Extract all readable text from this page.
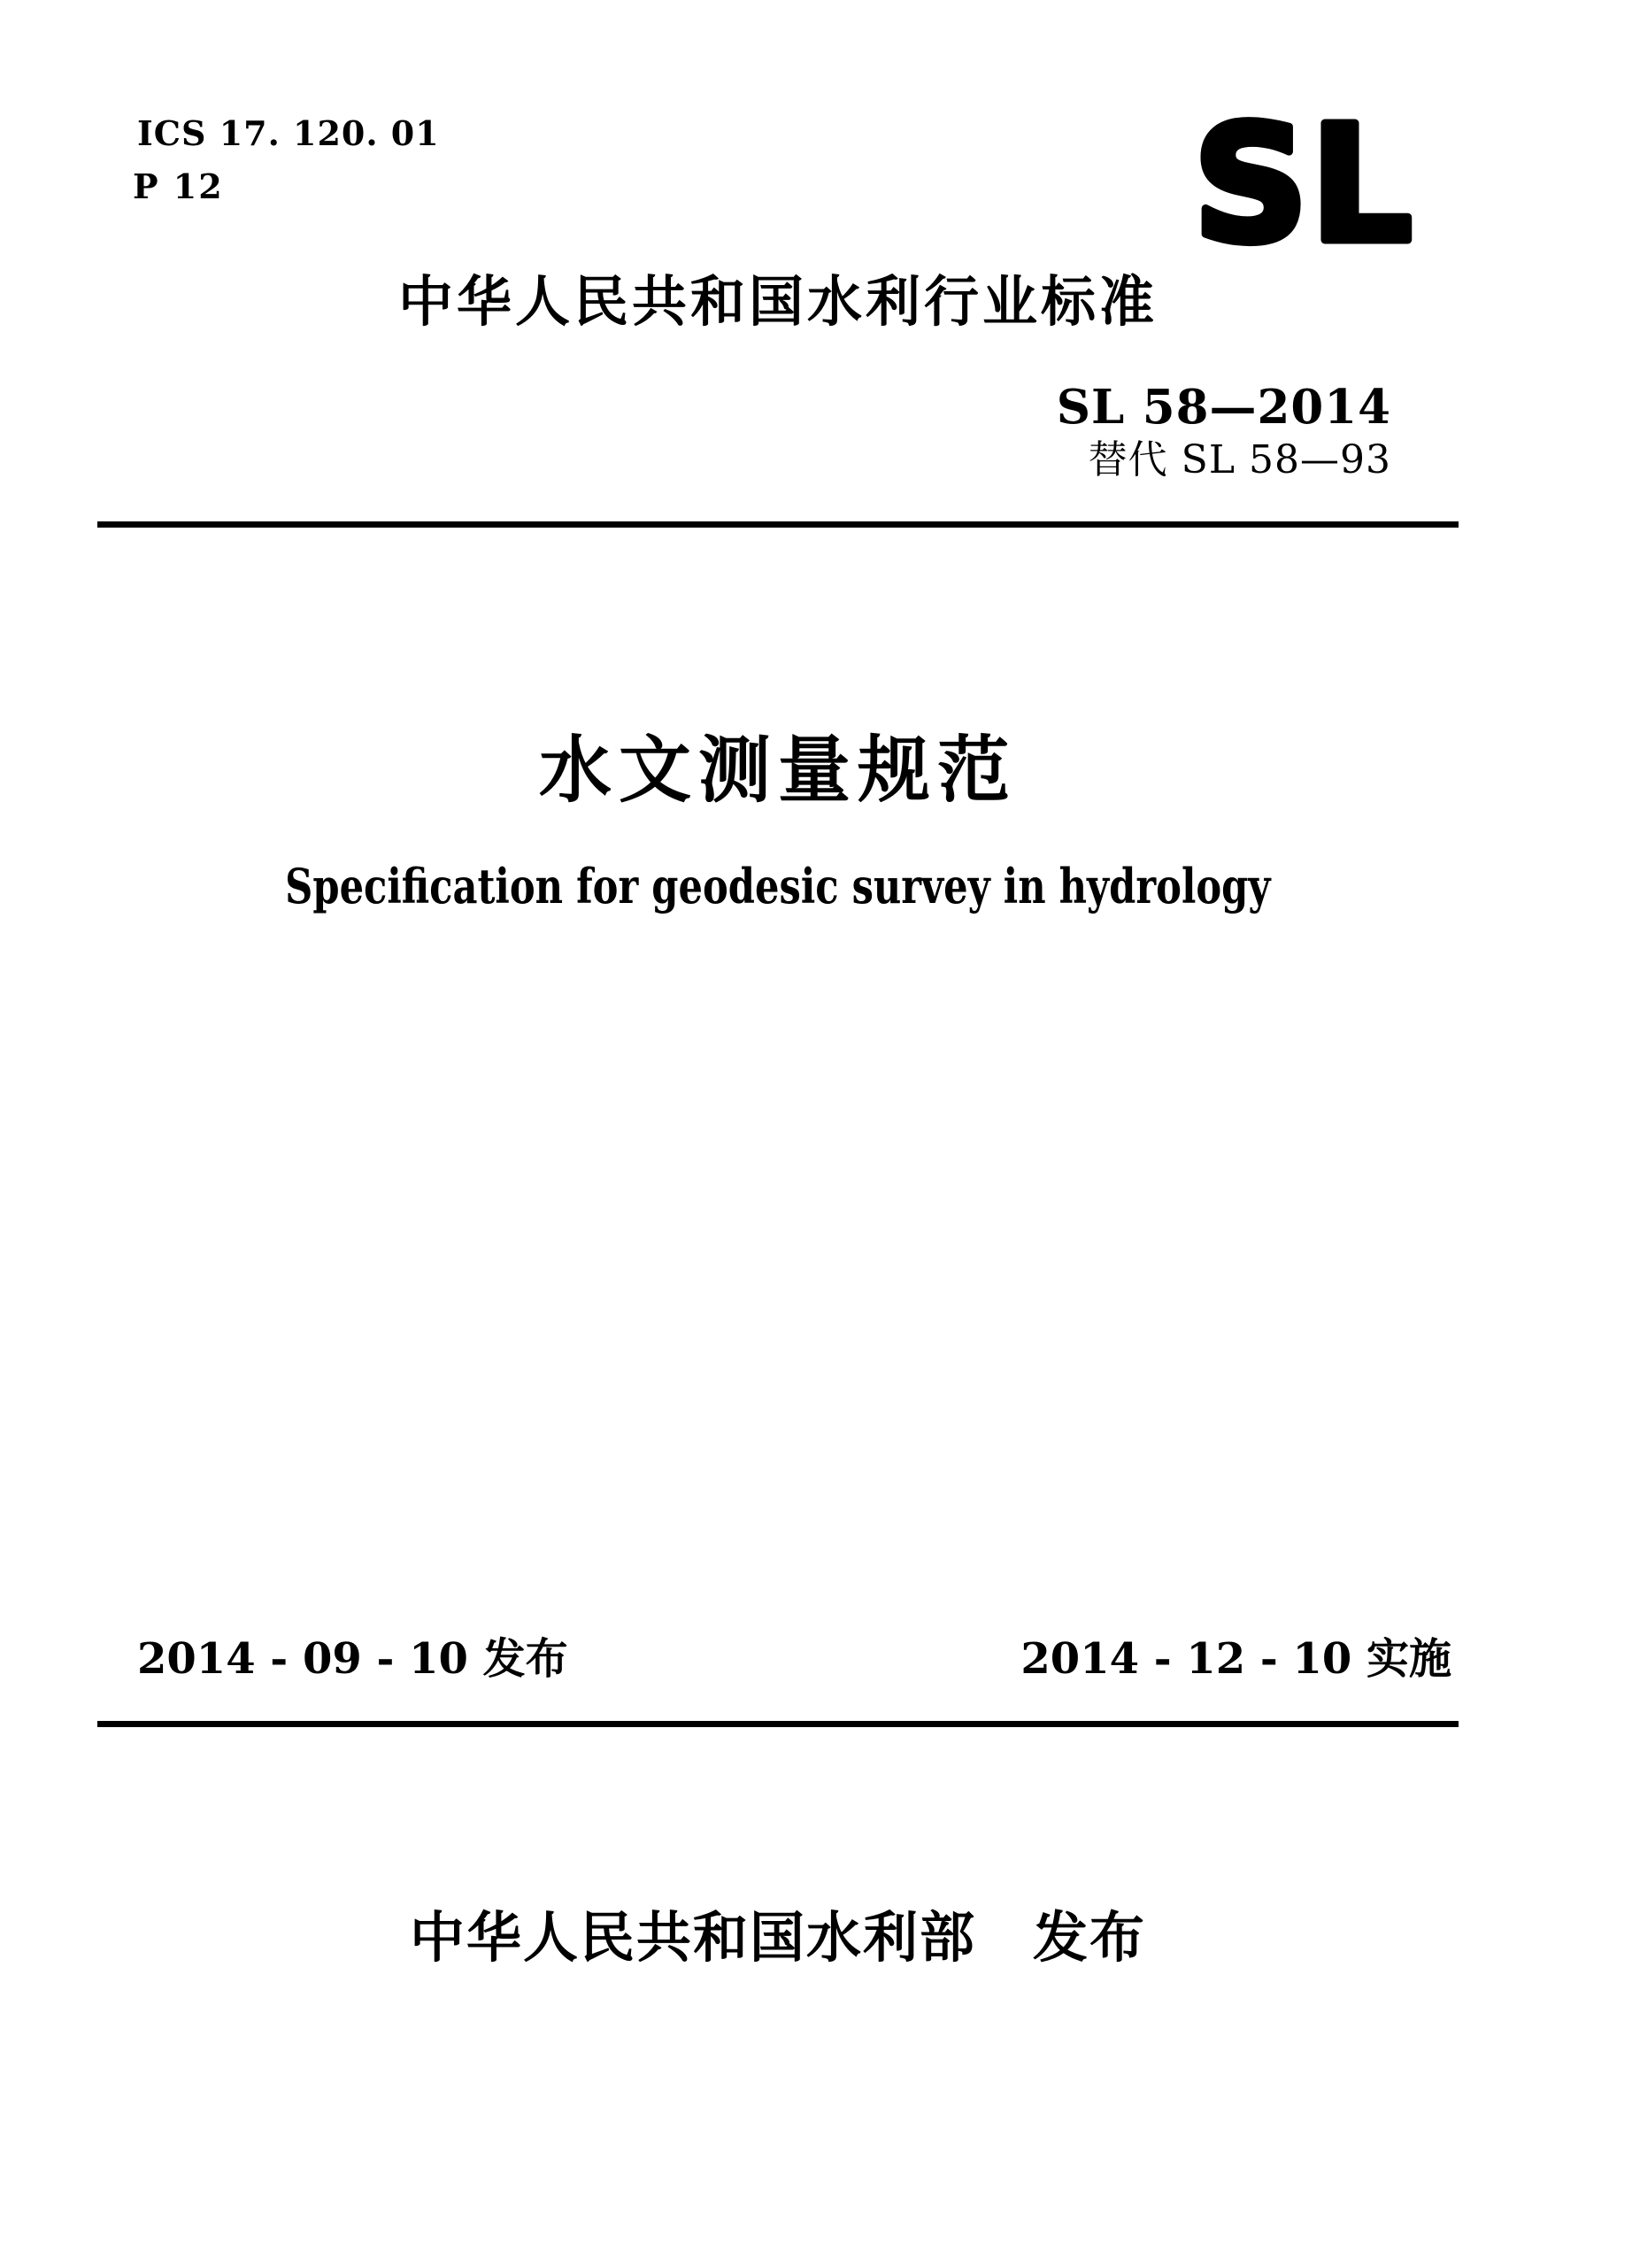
ICS 17. 120. 01
P 12	SL
中华人民共和国水利行业标准
SL 58—2014
替代 SL 58—93
水文测量规范
Specification for geodesic survey in hydrology
2014 - 09 - 10 发布	2014 - 12 - 10 实施
中华人民共和国水利部　发布
